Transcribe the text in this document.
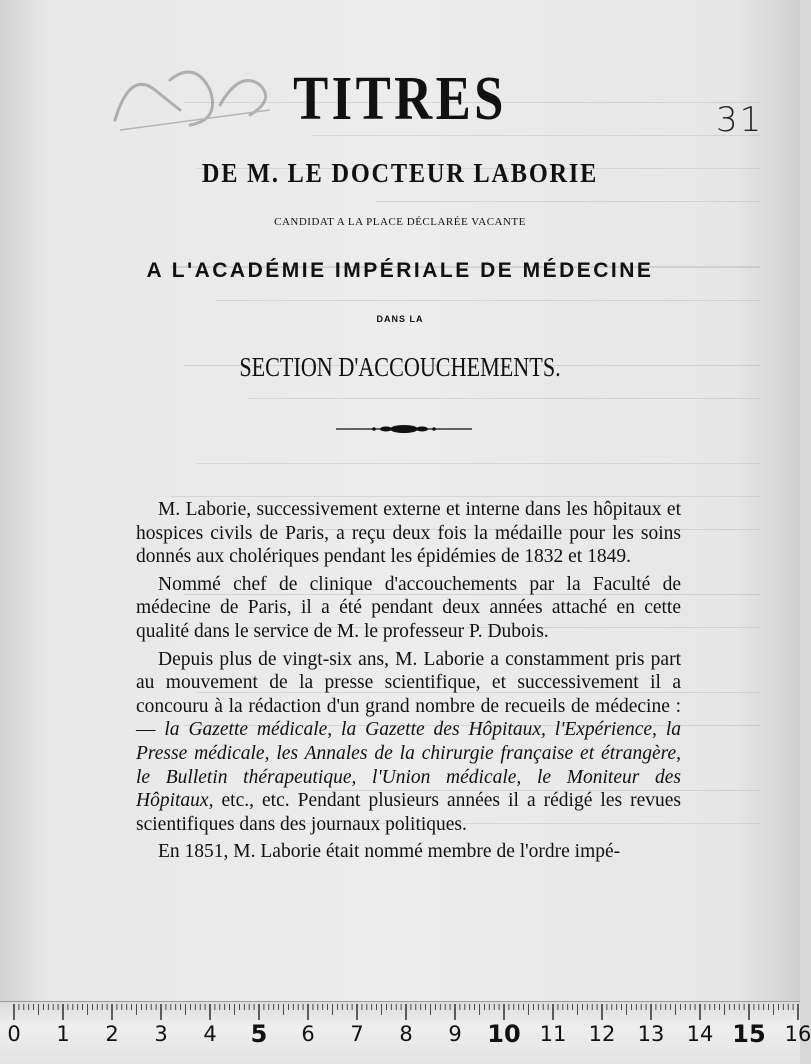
31
TITRES
DE M. LE DOCTEUR LABORIE
CANDIDAT A LA PLACE DÉCLARÉE VACANTE
A L'ACADÉMIE IMPÉRIALE DE MÉDECINE
DANS LA
SECTION D'ACCOUCHEMENTS.

M. Laborie, successivement externe et interne dans les hôpitaux et hospices civils de Paris, a reçu deux fois la médaille pour les soins donnés aux cholériques pendant les épidémies de 1832 et 1849.

Nommé chef de clinique d'accouchements par la Faculté de médecine de Paris, il a été pendant deux années attaché en cette qualité dans le service de M. le professeur P. Dubois.

Depuis plus de vingt-six ans, M. Laborie a constamment pris part au mouvement de la presse scientifique, et successivement il a concouru à la rédaction d'un grand nombre de recueils de médecine : — la Gazette médicale, la Gazette des Hôpitaux, l'Expérience, la Presse médicale, les Annales de la chirurgie française et étrangère, le Bulletin thérapeutique, l'Union médicale, le Moniteur des Hôpitaux, etc., etc. Pendant plusieurs années il a rédigé les revues scientifiques dans des journaux politiques.

En 1851, M. Laborie était nommé membre de l'ordre impé-

0 1 2 3 4 5 6 7 8 9 10 11 12 13 14 15 16
